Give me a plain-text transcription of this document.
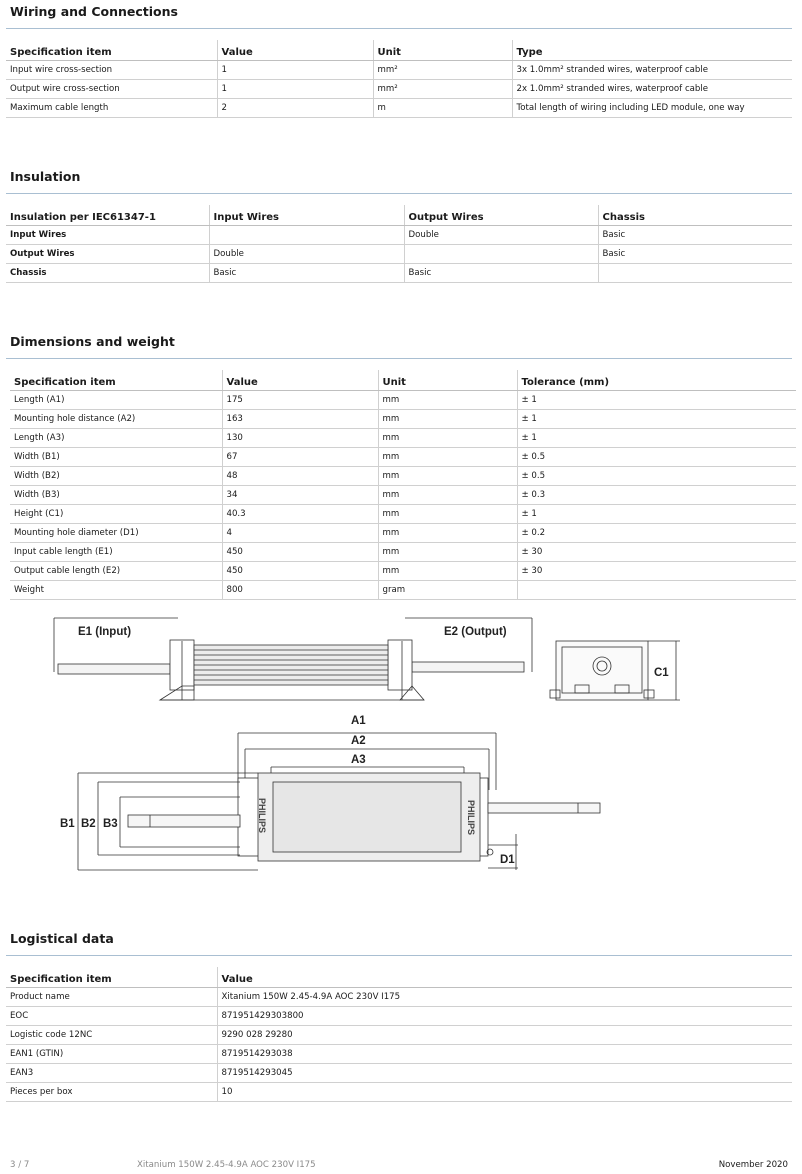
Wiring and Connections
Specification item	Value	Unit	Type
Input wire cross-section	1	mm²	3x 1.0mm² stranded wires, waterproof cable
Output wire cross-section	1	mm²	2x 1.0mm² stranded wires, waterproof cable
Maximum cable length	2	m	Total length of wiring including LED module, one way
Insulation
Insulation per IEC61347-1	Input Wires	Output Wires	Chassis
Input Wires		Double	Basic
Output Wires	Double		Basic
Chassis	Basic	Basic	
Dimensions and weight
Specification item	Value	Unit	Tolerance (mm)
Length (A1)	175	mm	± 1
Mounting hole distance (A2)	163	mm	± 1
Length (A3)	130	mm	± 1
Width (B1)	67	mm	± 0.5
Width (B2)	48	mm	± 0.5
Width (B3)	34	mm	± 0.3
Height (C1)	40.3	mm	± 1
Mounting hole diameter (D1)	4	mm	± 0.2
Input cable length (E1)	450	mm	± 30
Output cable length (E2)	450	mm	± 30
Weight	800	gram	
E1 (Input)	E2 (Output)
C1
A1
A2
A3
B1 B2 B3
D1
PHILIPS	PHILIPS
Logistical data
Specification item	Value
Product name	Xitanium 150W 2.45-4.9A AOC 230V I175
EOC	871951429303800
Logistic code 12NC	9290 028 29280
EAN1 (GTIN)	8719514293038
EAN3	8719514293045
Pieces per box	10
3 / 7	Xitanium 150W 2.45-4.9A AOC 230V I175	November 2020
